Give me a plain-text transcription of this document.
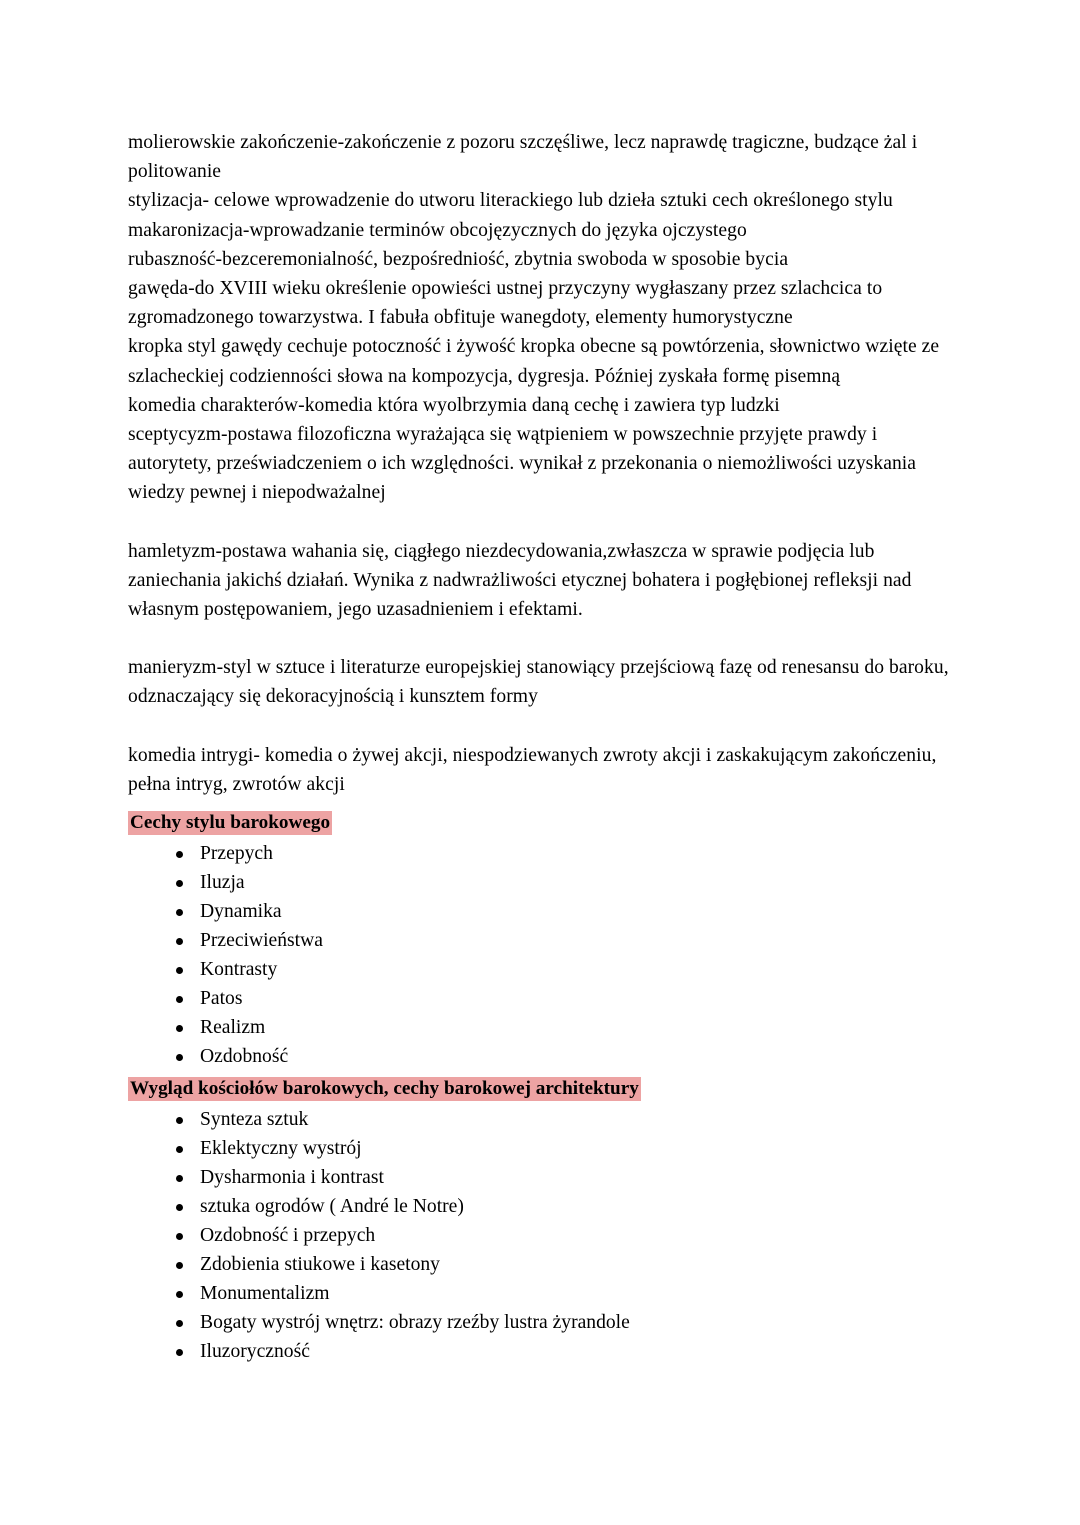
molierowskie zakończenie-zakończenie z pozoru szczęśliwe, lecz naprawdę tragiczne, budzące żal i politowanie

stylizacja- celowe wprowadzenie do utworu literackiego lub dzieła sztuki cech określonego stylu

makaronizacja-wprowadzanie terminów obcojęzycznych do języka ojczystego

rubaszność-bezceremonialność, bezpośredniość, zbytnia swoboda w sposobie bycia

gawęda-do XVIII wieku określenie opowieści ustnej przyczyny wygłaszany przez szlachcica to zgromadzonego towarzystwa. I fabuła obfituje wanegdoty, elementy humorystyczne

kropka styl gawędy cechuje potoczność i żywość kropka obecne są powtórzenia, słownictwo wzięte ze szlacheckiej codzienności słowa na kompozycja, dygresja. Później zyskała formę pisemną

komedia charakterów-komedia która wyolbrzymia daną cechę i zawiera typ ludzki

sceptycyzm-postawa filozoficzna wyrażająca się wątpieniem w powszechnie przyjęte prawdy i autorytety, przeświadczeniem o ich względności. wynikał z przekonania o niemożliwości uzyskania wiedzy pewnej i niepodważalnej

hamletyzm-postawa wahania się, ciągłego niezdecydowania,zwłaszcza w sprawie podjęcia lub zaniechania jakichś działań. Wynika z nadwrażliwości etycznej bohatera i pogłębionej refleksji nad własnym postępowaniem, jego uzasadnieniem i efektami.

manieryzm-styl w sztuce i literaturze europejskiej stanowiący przejściową fazę od renesansu do baroku, odznaczający się dekoracyjnością i kunsztem formy

komedia intrygi- komedia o żywej akcji, niespodziewanych zwroty akcji i zaskakującym zakończeniu, pełna intryg, zwrotów akcji

Cechy stylu barokowego
Przepych
Iluzja
Dynamika
Przeciwieństwa
Kontrasty
Patos
Realizm
Ozdobność
Wygląd kościołów barokowych, cechy barokowej architektury
Synteza sztuk
Eklektyczny wystrój
Dysharmonia i kontrast
sztuka ogrodów ( André le Notre)
Ozdobność i przepych
Zdobienia stiukowe i kasetony
Monumentalizm
Bogaty wystrój wnętrz: obrazy rzeźby lustra żyrandole
Iluzoryczność
